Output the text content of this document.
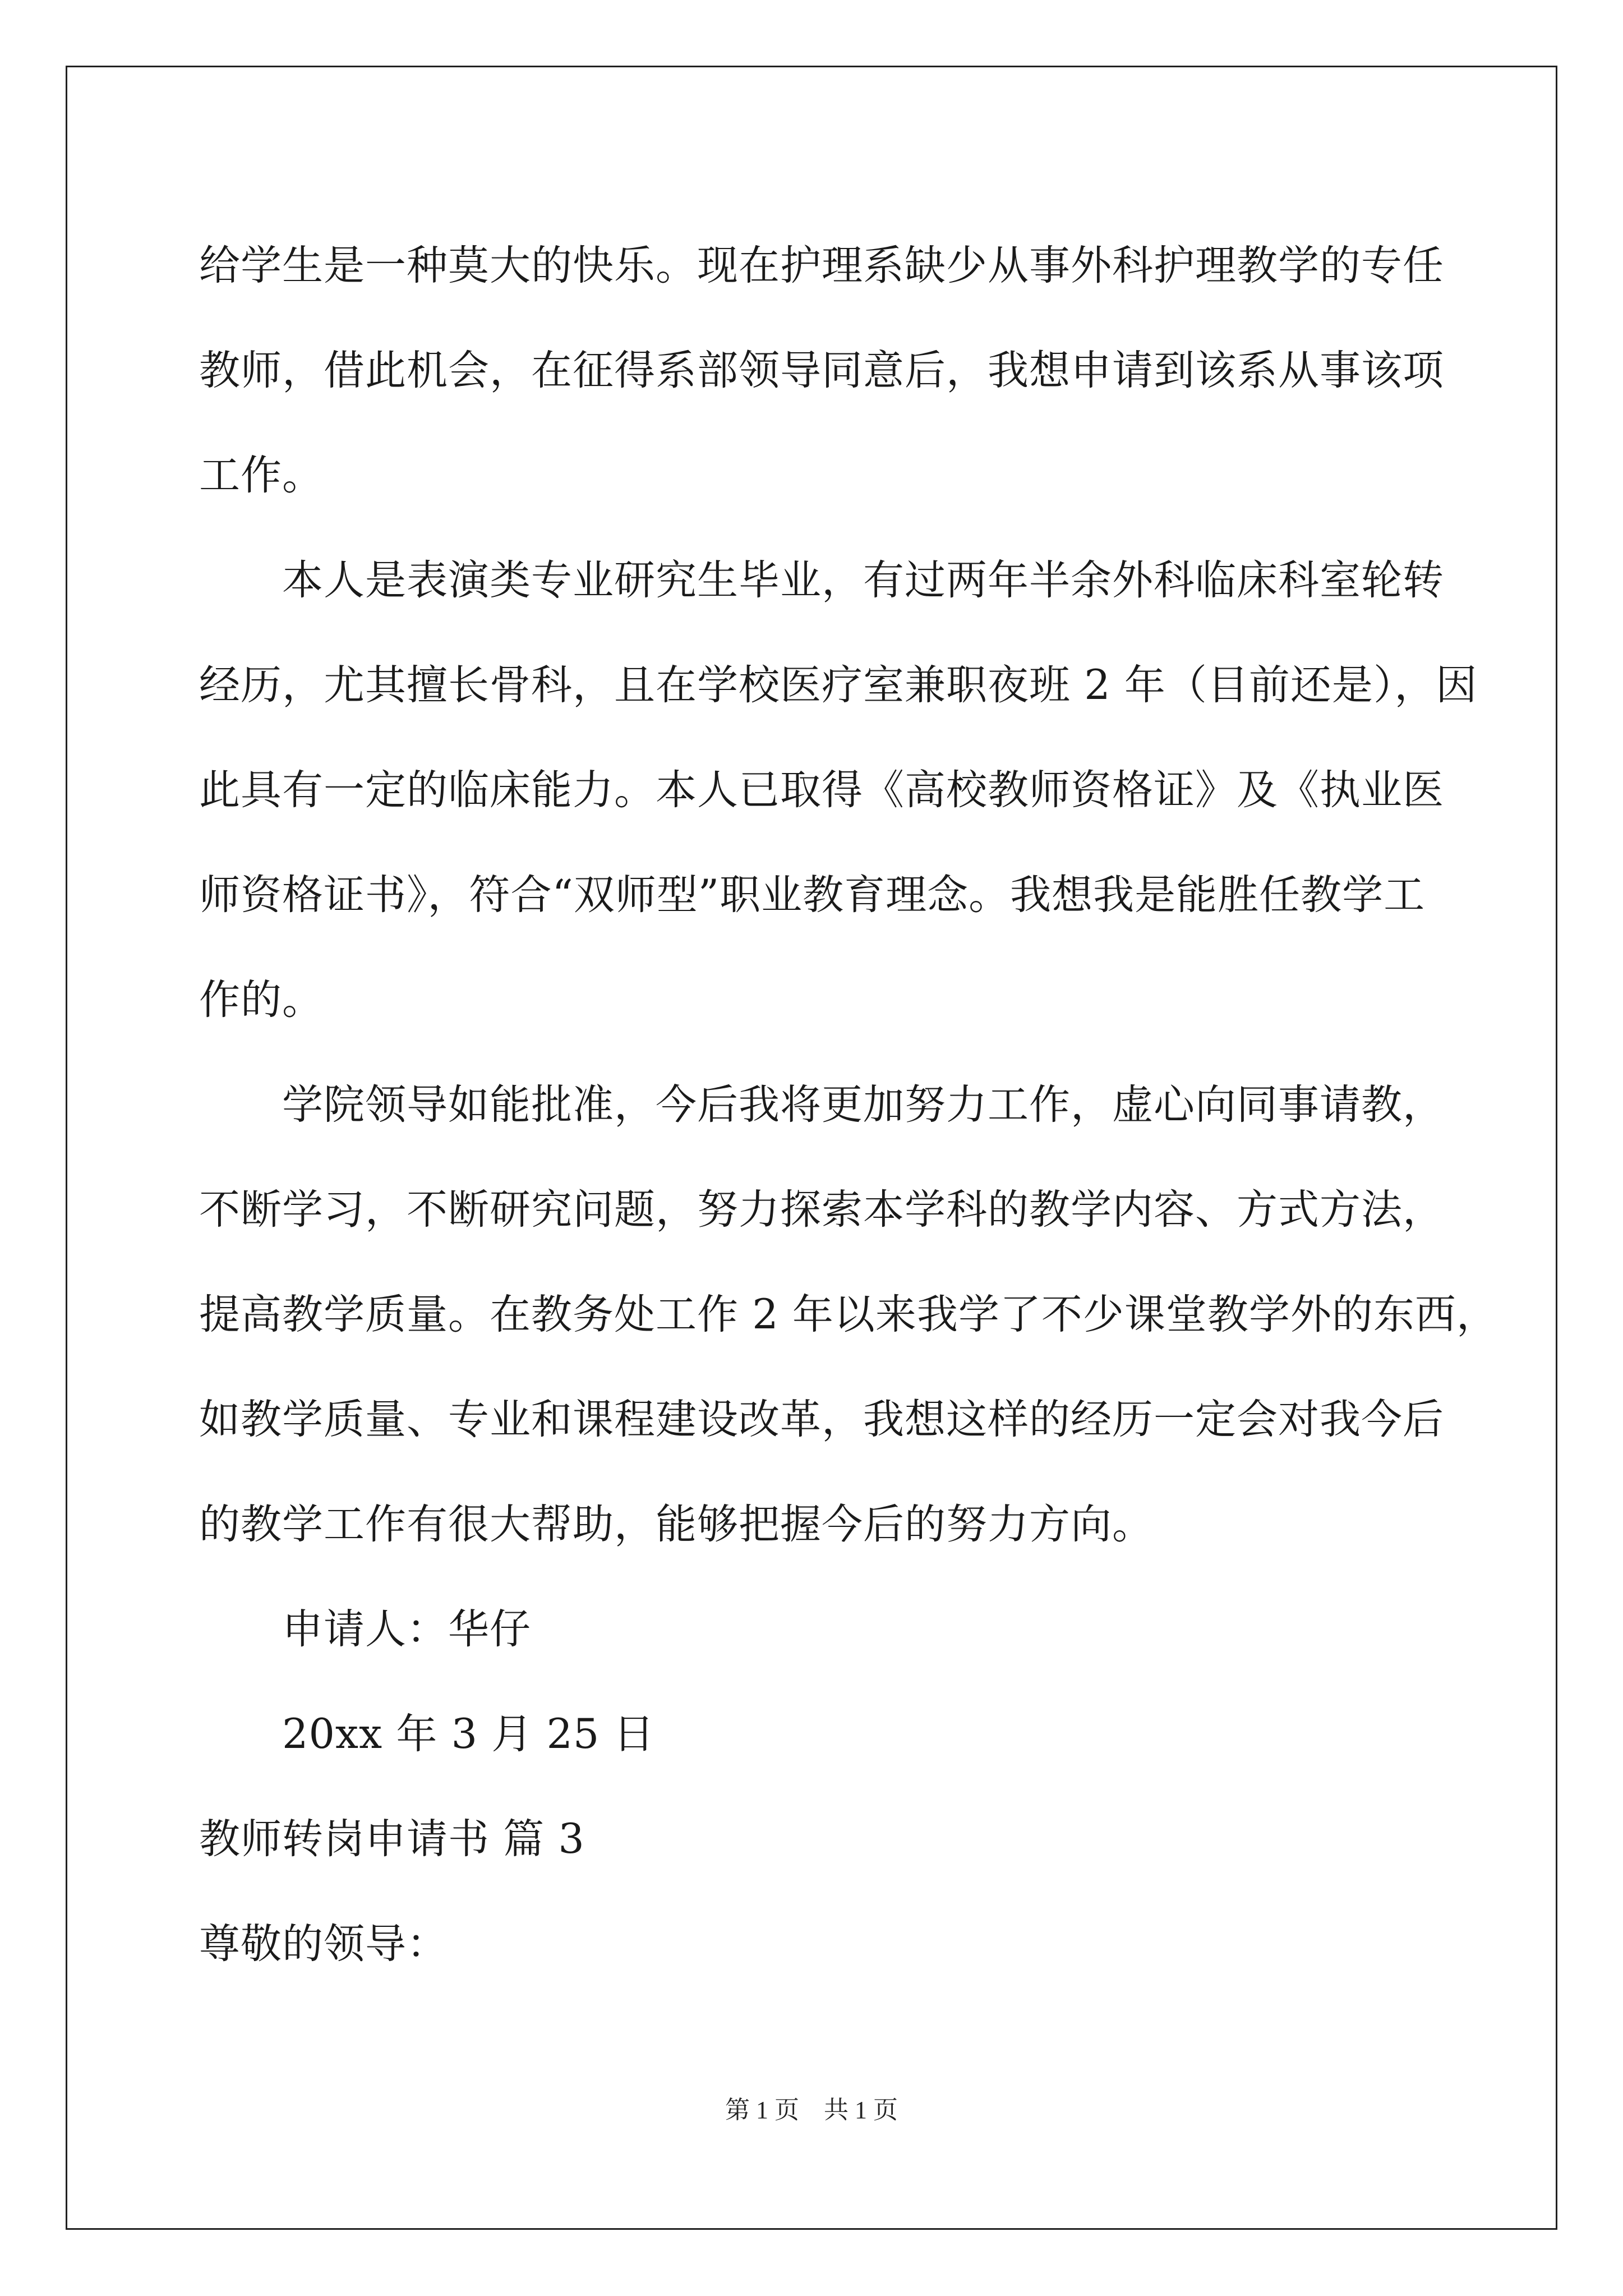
给学生是一种莫大的快乐。现在护理系缺少从事外科护理教学的专任
教师，借此机会，在征得系部领导同意后，我想申请到该系从事该项
工作。
本人是表演类专业研究生毕业，有过两年半余外科临床科室轮转
经历，尤其擅长骨科，且在学校医疗室兼职夜班 2 年（目前还是），因
此具有一定的临床能力。本人已取得《高校教师资格证》及《执业医
师资格证书》，符合“双师型”职业教育理念。我想我是能胜任教学工
作的。
学院领导如能批准，今后我将更加努力工作，虚心向同事请教，
不断学习，不断研究问题，努力探索本学科的教学内容、方式方法，
提高教学质量。在教务处工作 2 年以来我学了不少课堂教学外的东西，
如教学质量、专业和课程建设改革，我想这样的经历一定会对我今后
的教学工作有很大帮助，能够把握今后的努力方向。
申请人：华仔
20xx 年 3 月 25 日
教师转岗申请书 篇 3
尊敬的领导：
第 1 页　共 1 页
